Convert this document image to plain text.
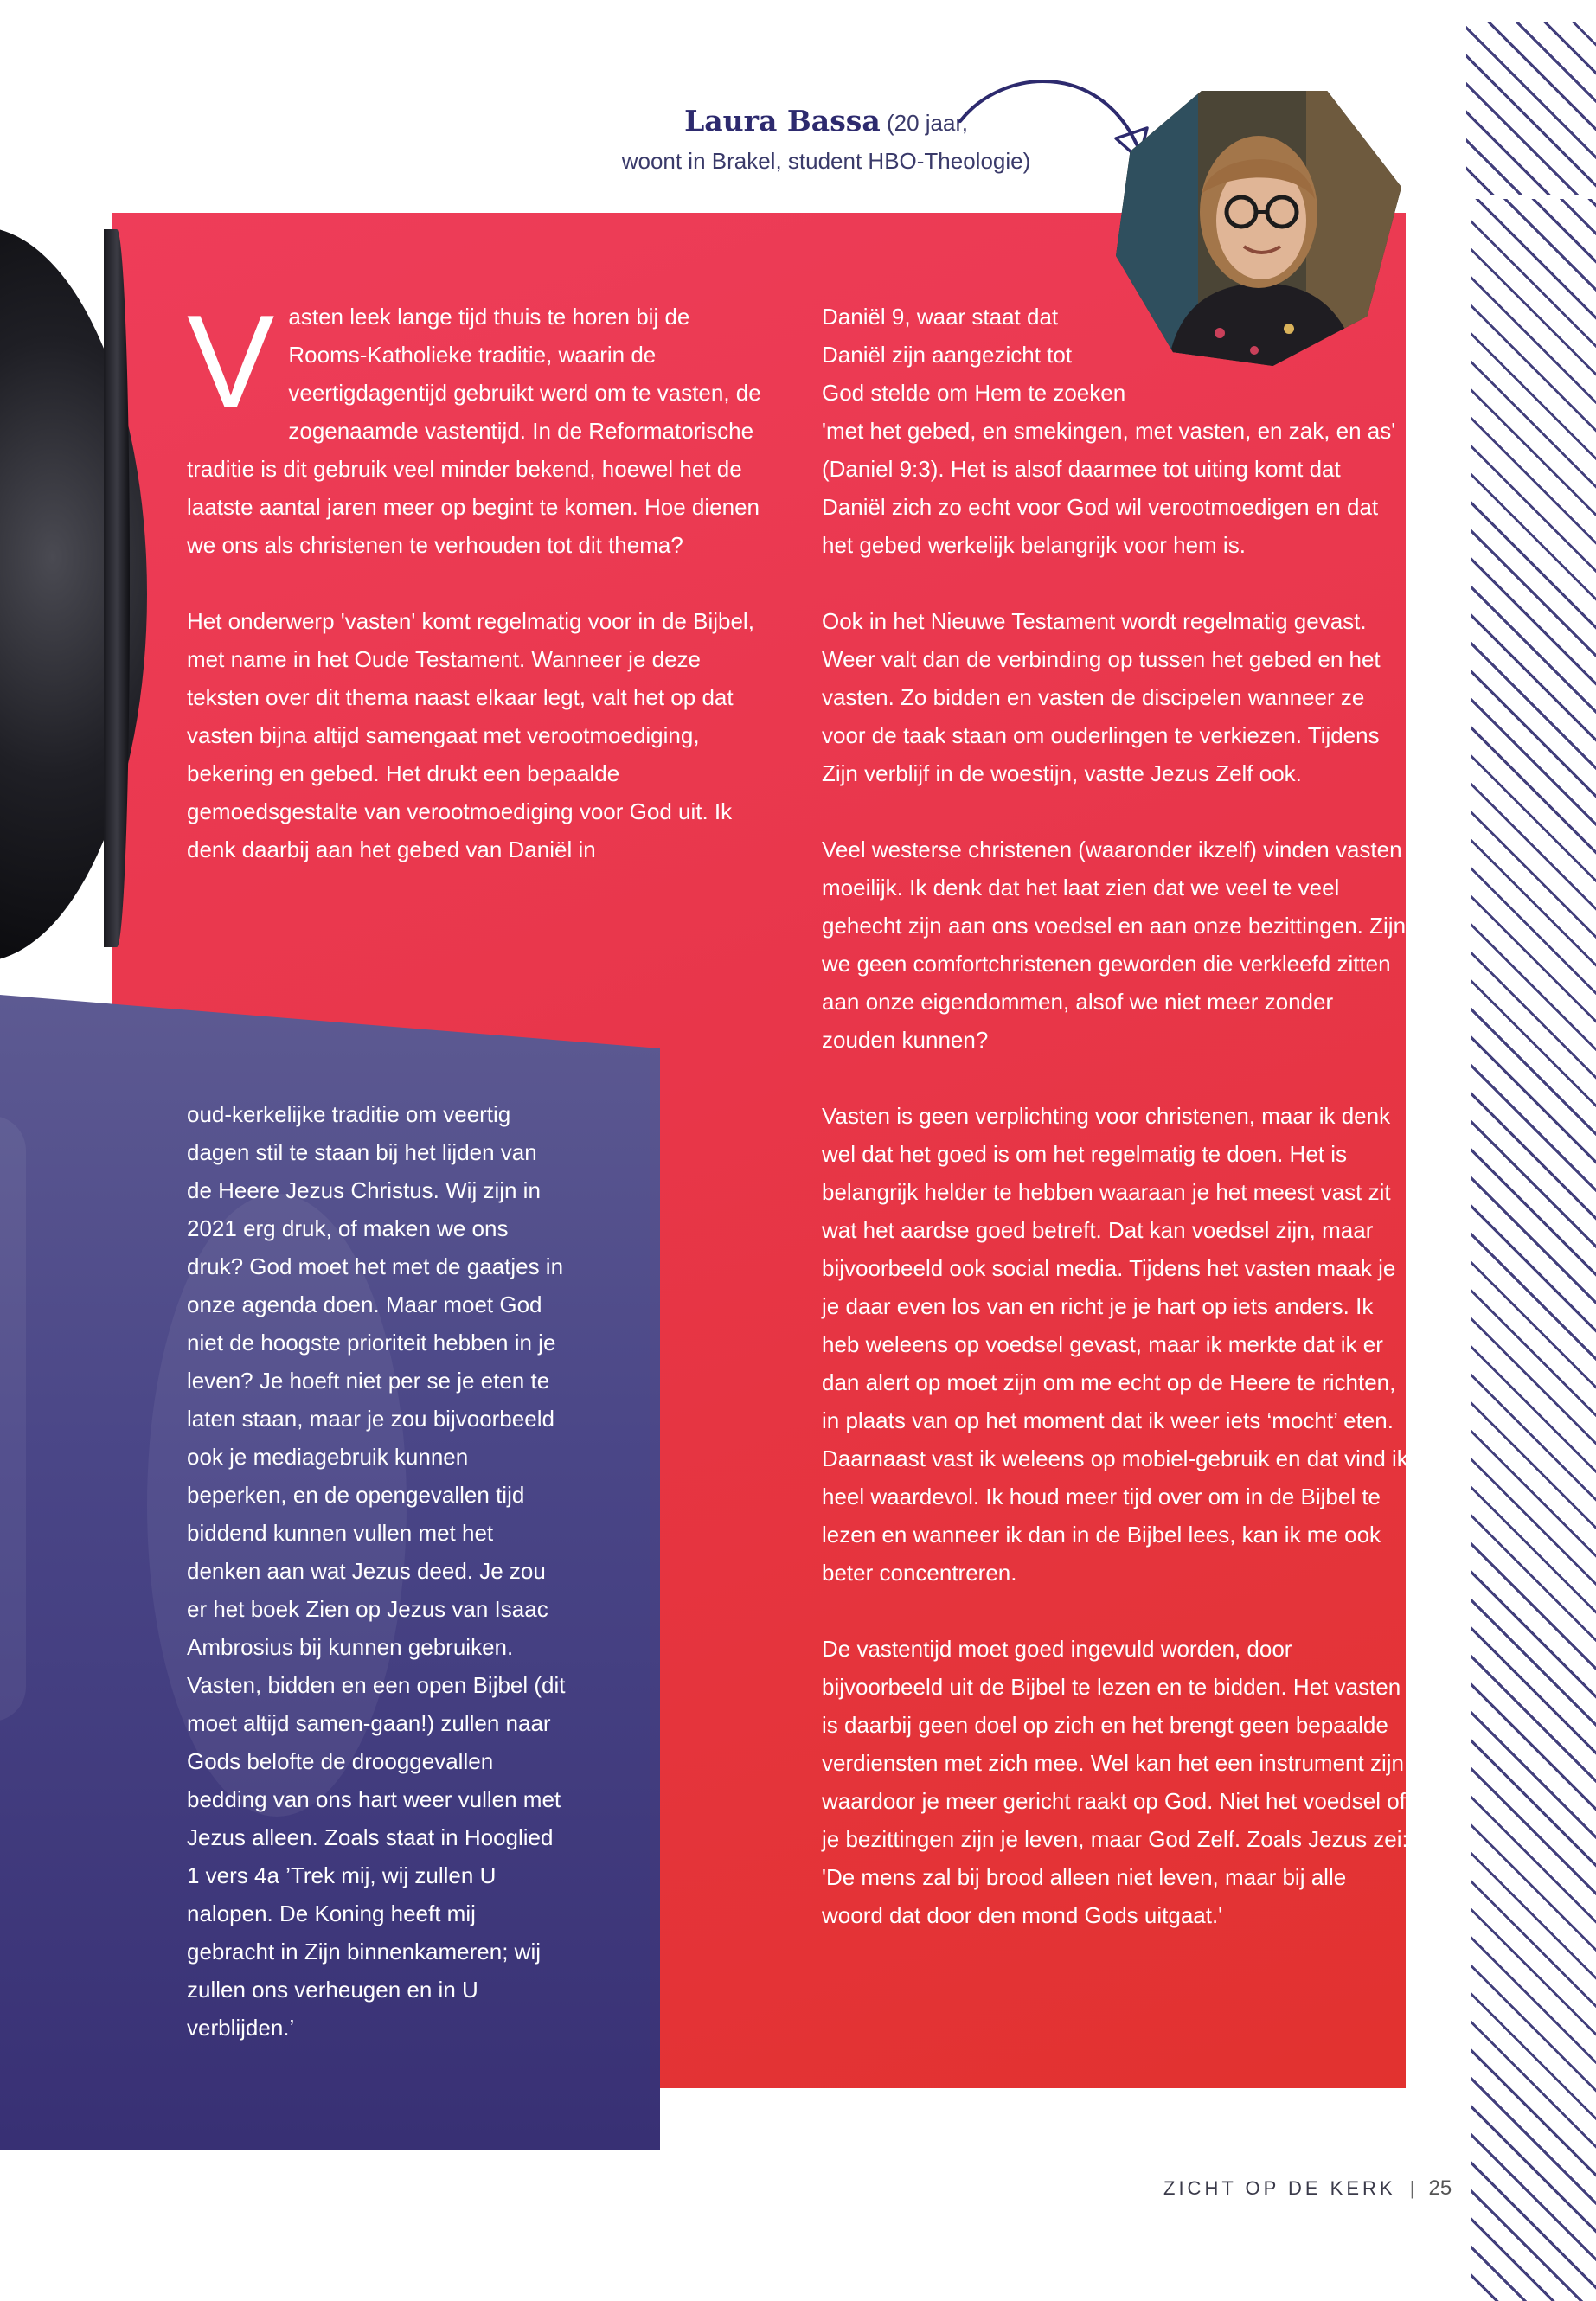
Laura Bassa (20 jaar,
woont in Brakel, student HBO-Theologie)

Vasten leek lange tijd thuis te horen bij de Rooms-Katholieke traditie, waarin de veertigdagentijd gebruikt werd om te vasten, de zogenaamde vastentijd. In de Reformatorische traditie is dit gebruik veel minder bekend, hoewel het de laatste aantal jaren meer op begint te komen. Hoe dienen we ons als christenen te verhouden tot dit thema?

Het onderwerp 'vasten' komt regelmatig voor in de Bijbel, met name in het Oude Testament. Wanneer je deze teksten over dit thema naast elkaar legt, valt het op dat vasten bijna altijd samengaat met verootmoediging, bekering en gebed. Het drukt een bepaalde gemoedsgestalte van verootmoediging voor God uit. Ik denk daarbij aan het gebed van Daniël in

oud-kerkelijke traditie om veertig dagen stil te staan bij het lijden van de Heere Jezus Christus. Wij zijn in 2021 erg druk, of maken we ons druk? God moet het met de gaatjes in onze agenda doen. Maar moet God niet de hoogste prioriteit hebben in je leven? Je hoeft niet per se je eten te laten staan, maar je zou bijvoorbeeld ook je mediagebruik kunnen beperken, en de opengevallen tijd biddend kunnen vullen met het denken aan wat Jezus deed. Je zou er het boek Zien op Jezus van Isaac Ambrosius bij kunnen gebruiken. Vasten, bidden en een open Bijbel (dit moet altijd samen-gaan!) zullen naar Gods belofte de drooggevallen bedding van ons hart weer vullen met Jezus alleen. Zoals staat in Hooglied 1 vers 4a ’Trek mij, wij zullen U nalopen. De Koning heeft mij gebracht in Zijn binnenkameren; wij zullen ons verheugen en in U verblijden.’

Daniël 9, waar staat dat
Daniël zijn aangezicht tot
God stelde om Hem te zoeken
'met het gebed, en smekingen, met vasten, en zak, en as' (Daniel 9:3). Het is alsof daarmee tot uiting komt dat Daniël zich zo echt voor God wil verootmoedigen en dat het gebed werkelijk belangrijk voor hem is.

Ook in het Nieuwe Testament wordt regelmatig gevast. Weer valt dan de verbinding op tussen het gebed en het vasten. Zo bidden en vasten de discipelen wanneer ze voor de taak staan om ouderlingen te verkiezen. Tijdens Zijn verblijf in de woestijn, vastte Jezus Zelf ook.

Veel westerse christenen (waaronder ikzelf) vinden vasten moeilijk. Ik denk dat het laat zien dat we veel te veel gehecht zijn aan ons voedsel en aan onze bezittingen. Zijn we geen comfortchristenen geworden die verkleefd zitten aan onze eigendommen, alsof we niet meer zonder zouden kunnen?

Vasten is geen verplichting voor christenen, maar ik denk wel dat het goed is om het regelmatig te doen. Het is belangrijk helder te hebben waaraan je het meest vast zit wat het aardse goed betreft. Dat kan voedsel zijn, maar bijvoorbeeld ook social media. Tijdens het vasten maak je je daar even los van en richt je je hart op iets anders. Ik heb weleens op voedsel gevast, maar ik merkte dat ik er dan alert op moet zijn om me echt op de Heere te richten, in plaats van op het moment dat ik weer iets ‘mocht’ eten. Daarnaast vast ik weleens op mobiel-gebruik en dat vind ik heel waardevol. Ik houd meer tijd over om in de Bijbel te lezen en wanneer ik dan in de Bijbel lees, kan ik me ook beter concentreren.

De vastentijd moet goed ingevuld worden, door bijvoorbeeld uit de Bijbel te lezen en te bidden. Het vasten is daarbij geen doel op zich en het brengt geen bepaalde verdiensten met zich mee. Wel kan het een instrument zijn waardoor je meer gericht raakt op God. Niet het voedsel of je bezittingen zijn je leven, maar God Zelf. Zoals Jezus zei: 'De mens zal bij brood alleen niet leven, maar bij alle woord dat door den mond Gods uitgaat.'

ZICHT OP DE KERK | 25
